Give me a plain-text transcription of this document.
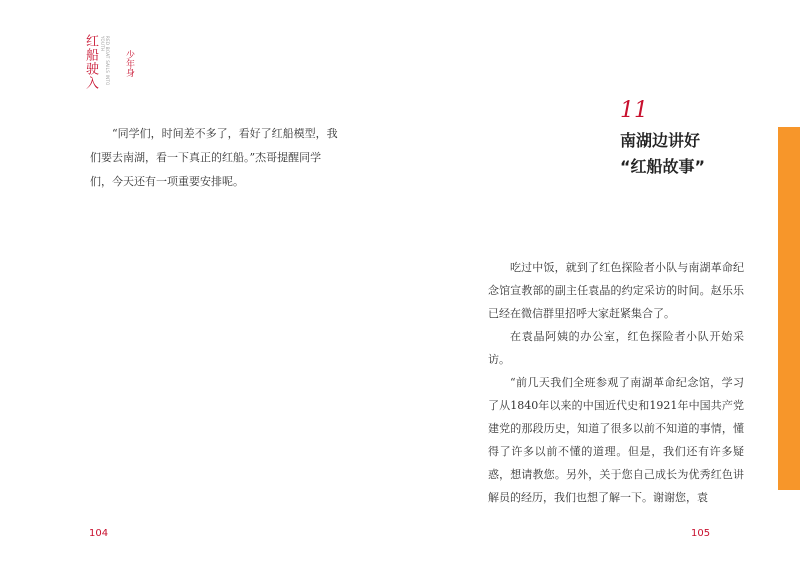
红船驶入	RED BOAT SAILS INTO YOUTH
少年身

“同学们，时间差不多了，看好了红船模型，我们要去南湖，看一下真正的红船。”杰哥提醒同学们，今天还有一项重要安排呢。

11
南湖边讲好
“红船故事”

吃过中饭，就到了红色探险者小队与南湖革命纪念馆宣教部的副主任袁晶的约定采访的时间。赵乐乐已经在微信群里招呼大家赶紧集合了。

在袁晶阿姨的办公室，红色探险者小队开始采访。

“前几天我们全班参观了南湖革命纪念馆，学习了从1840年以来的中国近代史和1921年中国共产党建党的那段历史，知道了很多以前不知道的事情，懂得了许多以前不懂的道理。但是，我们还有许多疑惑，想请教您。另外，关于您自己成长为优秀红色讲解员的经历，我们也想了解一下。谢谢您，袁

104	105
